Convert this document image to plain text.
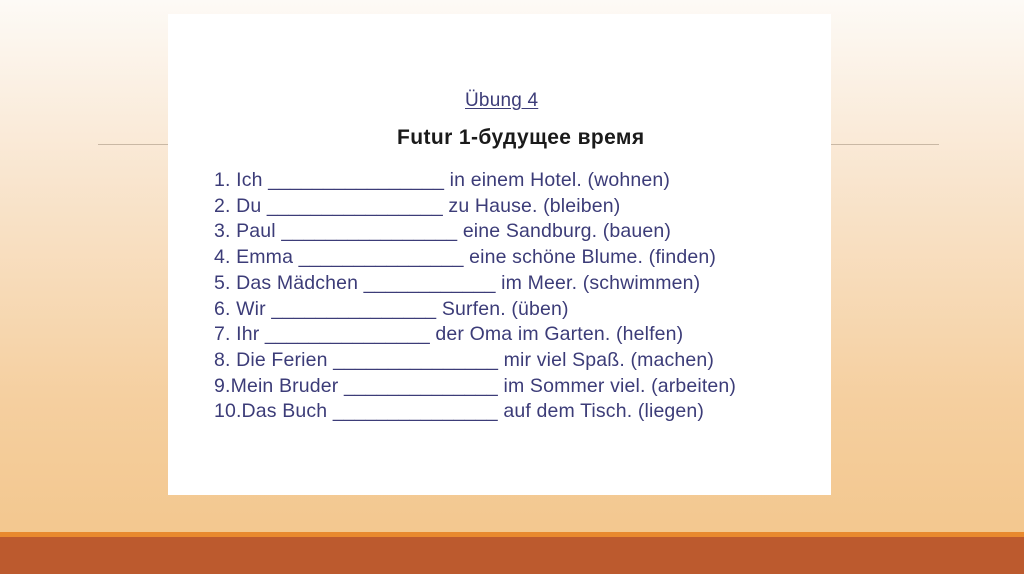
Übung 4
Futur 1-будущее время
1. Ich ________________ in einem Hotel. (wohnen)
2. Du ________________ zu Hause. (bleiben)
3. Paul ________________ eine Sandburg. (bauen)
4. Emma _______________ eine schöne Blume. (finden)
5. Das Mädchen ____________ im Meer. (schwimmen)
6. Wir _______________ Surfen. (üben)
7. Ihr _______________ der Oma im Garten. (helfen)
8. Die Ferien _______________ mir viel Spaß. (machen)
9.Mein Bruder ______________ im Sommer viel. (arbeiten)
10.Das Buch _______________ auf dem Tisch. (liegen)
